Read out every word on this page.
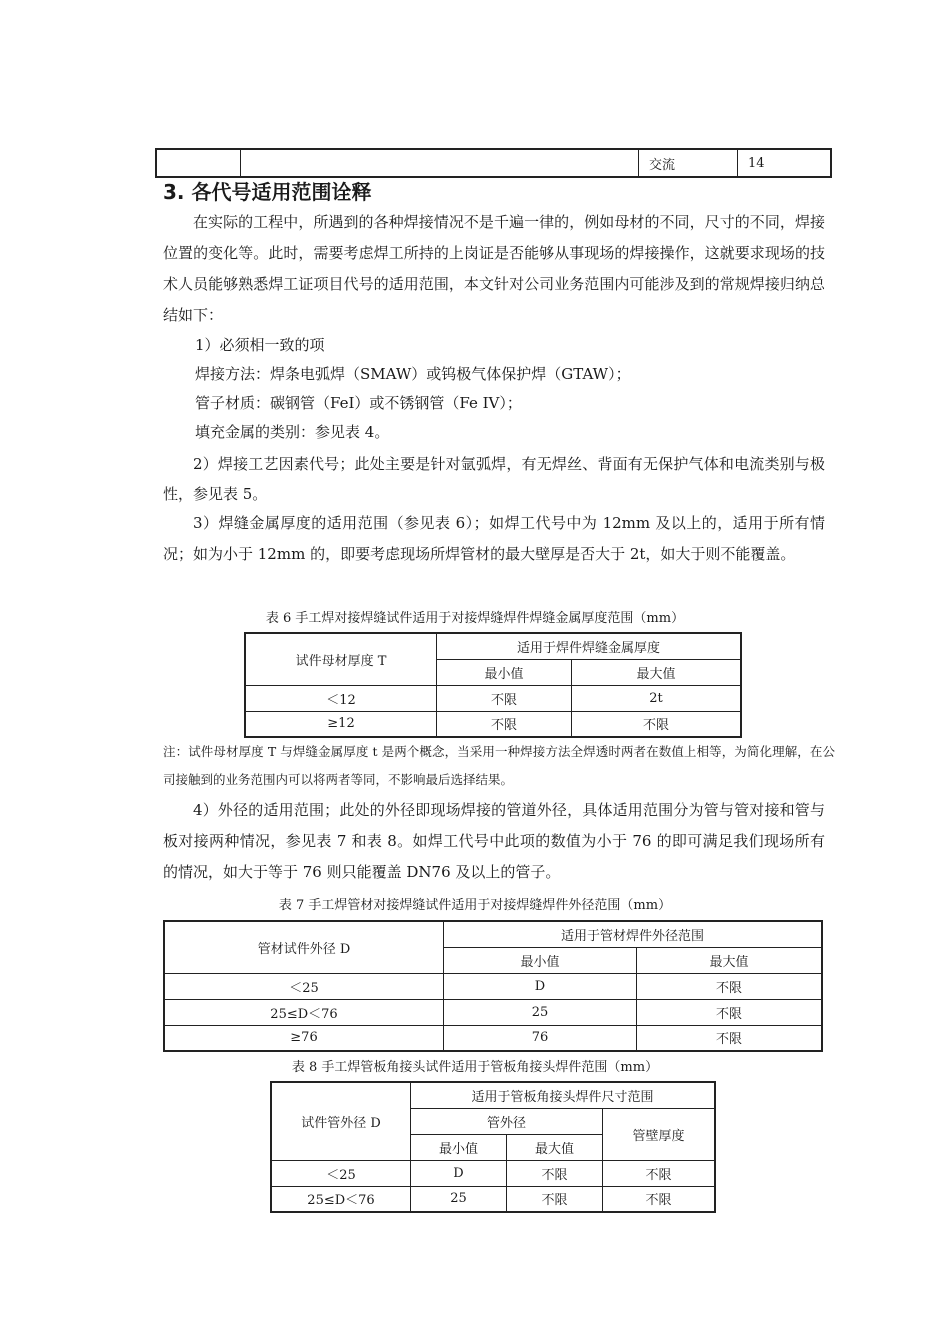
		交流	14
3. 各代号适用范围诠释
在实际的工程中，所遇到的各种焊接情况不是千遍一律的，例如母材的不同，尺寸的不同，焊接位置的变化等。此时，需要考虑焊工所持的上岗证是否能够从事现场的焊接操作，这就要求现场的技术人员能够熟悉焊工证项目代号的适用范围，本文针对公司业务范围内可能涉及到的常规焊接归纳总结如下：
1）必须相一致的项
焊接方法：焊条电弧焊（SMAW）或钨极气体保护焊（GTAW）；
管子材质：碳钢管（FeI）或不锈钢管（Fe IV）；
填充金属的类别：参见表 4。
2）焊接工艺因素代号；此处主要是针对氩弧焊，有无焊丝、背面有无保护气体和电流类别与极性，参见表 5。
3）焊缝金属厚度的适用范围（参见表 6）；如焊工代号中为 12mm 及以上的，适用于所有情况；如为小于 12mm 的，即要考虑现场所焊管材的最大壁厚是否大于 2t，如大于则不能覆盖。
表 6 手工焊对接焊缝试件适用于对接焊缝焊件焊缝金属厚度范围（mm）
试件母材厚度 T	适用于焊件焊缝金属厚度	
	最小值	最大值
＜12	不限	2t
≥12	不限	不限
注：试件母材厚度 T 与焊缝金属厚度 t 是两个概念，当采用一种焊接方法全焊透时两者在数值上相等，为简化理解，在公司接触到的业务范围内可以将两者等同，不影响最后选择结果。
4）外径的适用范围；此处的外径即现场焊接的管道外径，具体适用范围分为管与管对接和管与板对接两种情况，参见表 7 和表 8。如焊工代号中此项的数值为小于 76 的即可满足我们现场所有的情况，如大于等于 76 则只能覆盖 DN76 及以上的管子。
表 7 手工焊管材对接焊缝试件适用于对接焊缝焊件外径范围（mm）
管材试件外径 D	适用于管材焊件外径范围	
	最小值	最大值
＜25	D	不限
25≤D＜76	25	不限
≥76	76	不限
表 8 手工焊管板角接头试件适用于管板角接头焊件范围（mm）
试件管外径 D	适用于管板角接头焊件尺寸范围		
	管外径		管壁厚度
	最小值	最大值	
＜25	D	不限	不限
25≤D＜76	25	不限	不限
